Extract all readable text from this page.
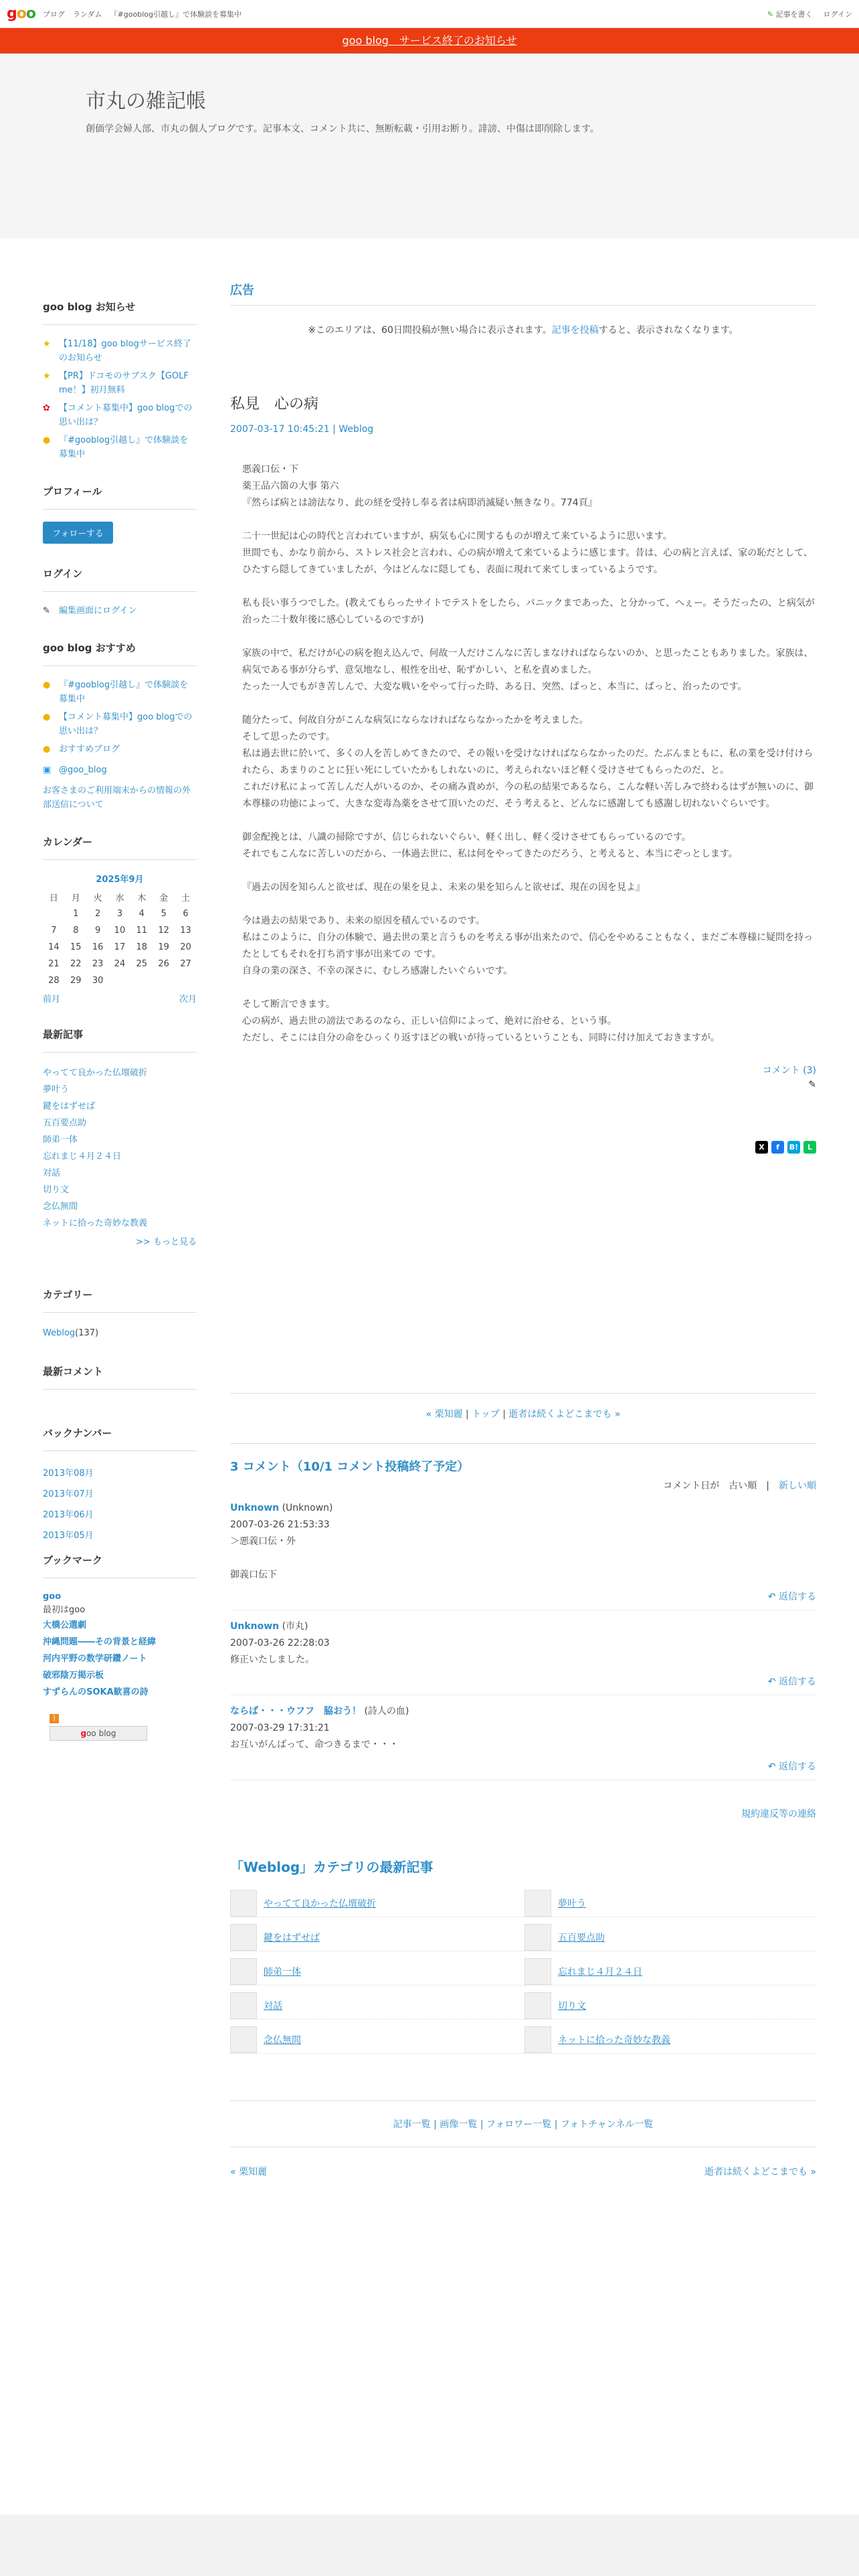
goo ブログ ランダム 『#gooblog引越し』で体験談を募集中	✎ 記事を書く ログイン
goo blog　サービス終了のお知らせ
市丸の雑記帳
創価学会婦人部、市丸の個人ブログです。記事本文、コメント共に、無断転載・引用お断り。誹謗、中傷は即削除します。
goo blog お知らせ
★ 【11/18】goo blogサービス終了のお知らせ
★ 【PR】ドコモのサブスク【GOLF me！】初月無料
✿	【コメント募集中】goo blogでの思い出は？
● 『#gooblog引越し』で体験談を募集中
プロフィール
フォローする
ログイン
✎	編集画面にログイン
goo blog おすすめ
● 『#gooblog引越し』で体験談を募集中
● 【コメント募集中】goo blogでの思い出は？
● おすすめブログ
▣ @goo_blog
お客さまのご利用端末からの情報の外部送信について
カレンダー
2025年9月
日	月	火	水	木	金	土
	1	2	3	4	5	6
7	8	9	10	11	12	13
14	15	16	17	18	19	20
21	22	23	24	25	26	27
28	29	30				
前月	次月
最新記事
やってて良かった仏壇破折
夢叶う
鍵をはずせば
五百要点助
師弟一体
忘れまじ４月２４日
対話
切り文
念仏無間
ネットに拾った奇妙な教義
>> もっと見る
カテゴリー
Weblog(137)
最新コメント
バックナンバー
2013年08月
2013年07月
2013年06月
2013年05月
ブックマーク
goo
最初はgoo
大橋公選劇
沖縄問題――その背景と経緯
河内平野の数学研鑽ノート
破邪陰万掲示板
すずらんのSOKA歓喜の詩
)
goo blog
広告
※このエリアは、60日間投稿が無い場合に表示されます。記事を投稿すると、表示されなくなります。
私見　心の病
2007-03-17 10:45:21 | Weblog

悪義口伝・下
薬王品六箇の大事 第六
『然らば病とは謗法なり、此の経を受持し奉る者は病即消滅疑い無きなり。774頁』

二十一世紀は心の時代と言われていますが、病気も心に関するものが増えて来ているように思います。
世間でも、かなり前から、ストレス社会と言われ、心の病が増えて来ているように感じます。昔は、心の病と言えば、家の恥だとして、ひたすら隠してきていましたが、今はどんなに隠しても、表面に現れて来てしまっているようです。

私も長い事うつでした。(教えてもらったサイトでテストをしたら、パニックまであった、と分かって、へぇー。そうだったの、と病気が治った二十数年後に感心しているのですが)

家族の中で、私だけが心の病を抱え込んで、何故一人だけこんなに苦しまなければならないのか、と思ったこともありました。家族は、病気である事が分らず、意気地なし、根性を出せ、恥ずかしい、と私を責めました。
たった一人でもがき苦しんで、大変な戦いをやって行った時、ある日、突然、ぱっと、本当に、ぱっと、治ったのです。

随分たって、何故自分がこんな病気にならなければならなかったかを考えました。
そして思ったのです。
私は過去世に於いて、多くの人を苦しめてきたので、その報いを受けなければならなかったのだ。たぶんまともに、私の業を受け付けられたら、あまりのことに狂い死にしていたかもしれないのに、考えられないほど軽く受けさせてもらったのだ、と。
これだけ私によって苦しんだ人がいるのか、その痛み責めが、今の私の結果であるなら、こんな軽い苦しみで終わるはずが無いのに、御本尊様の功徳によって、大きな変毒為薬をさせて頂いたのだ、そう考えると、どんなに感謝しても感謝し切れないぐらいです。

御金配挽とは、八識の掃除ですが、信じられないぐらい、軽く出し、軽く受けさせてもらっているのです。
それでもこんなに苦しいのだから、一体過去世に、私は何をやってきたのだろう、と考えると、本当にぞっとします。

『過去の因を知らんと欲せば、現在の果を見よ、未来の果を知らんと欲せば、現在の因を見よ』

今は過去の結果であり、未来の原因を積んでいるのです。
私はこのように、自分の体験で、過去世の業と言うものを考える事が出来たので、信心をやめることもなく、まだご本尊様に疑問を持ったとしてもそれを打ち消す事が出来ての です。
自身の業の深さ、不幸の深さに、むしろ感謝したいぐらいです。

そして断言できます。
心の病が、過去世の謗法であるのなら、正しい信仰によって、絶対に治せる、という事。
ただし、そこには自分の命をひっくり返すほどの戦いが待っているということも、同時に付け加えておきますが。

コメント (3)
✎
X	f	B!	L
« 栗知麗 | トップ | 逝者は続くよどこまでも »
3 コメント（10/1 コメント投稿終了予定）
コメント日が　 古い順　|　新しい順
Unknown (Unknown)
2007-03-26 21:53:33
＞悪義口伝・外

御義口伝下
↶ 返信する
Unknown (市丸)
2007-03-26 22:28:03
修正いたしました。
↶ 返信する
ならば・・・ウフフ　脇おう！ (詩人の血)
2007-03-29 17:31:21
お互いがんばって、命つきるまで・・・
↶ 返信する
規約違反等の連絡
「Weblog」カテゴリの最新記事
やってて良かった仏壇破折	夢叶う
鍵をはずせば	五百要点助
師弟一体	忘れまじ４月２４日
対話	切り文
念仏無間	ネットに拾った奇妙な教義
記事一覧 | 画像一覧 | フォロワー一覧 | フォトチャンネル一覧
« 栗知麗	逝者は続くよどこまでも »
